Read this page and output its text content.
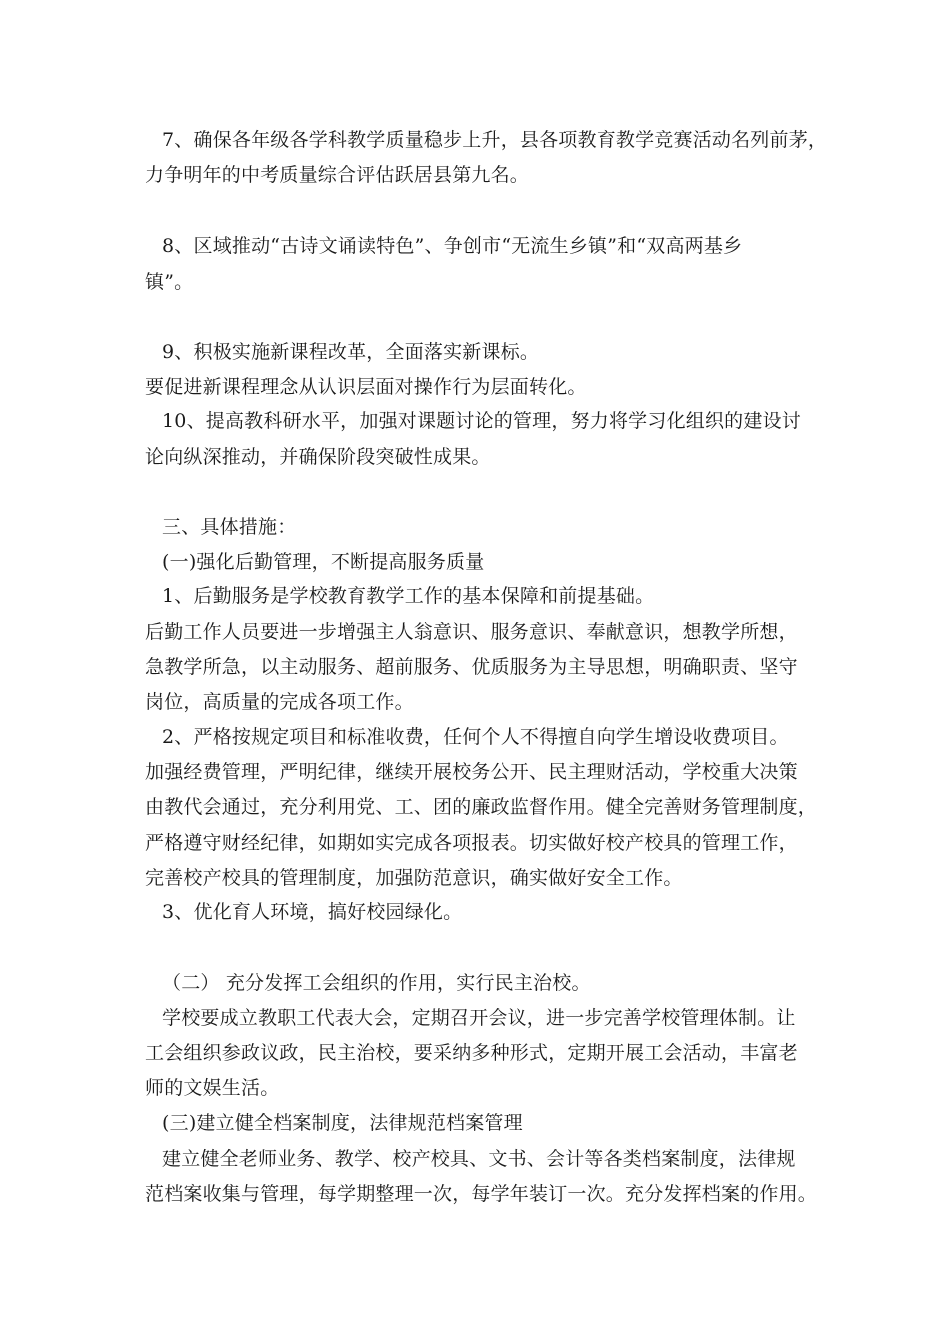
7、确保各年级各学科教学质量稳步上升，县各项教育教学竞赛活动名列前茅，
力争明年的中考质量综合评估跃居县第九名。
8、区域推动“古诗文诵读特色”、争创市“无流生乡镇”和“双高两基乡
镇”。
9、积极实施新课程改革，全面落实新课标。
要促进新课程理念从认识层面对操作行为层面转化。
10、提高教科研水平，加强对课题讨论的管理，努力将学习化组织的建设讨
论向纵深推动，并确保阶段突破性成果。
三、具体措施：
(一)强化后勤管理，不断提高服务质量
1、后勤服务是学校教育教学工作的基本保障和前提基础。
后勤工作人员要进一步增强主人翁意识、服务意识、奉献意识，想教学所想，
急教学所急，以主动服务、超前服务、优质服务为主导思想，明确职责、坚守
岗位，高质量的完成各项工作。
2、严格按规定项目和标准收费，任何个人不得擅自向学生增设收费项目。
加强经费管理，严明纪律，继续开展校务公开、民主理财活动，学校重大决策
由教代会通过，充分利用党、工、团的廉政监督作用。健全完善财务管理制度，
严格遵守财经纪律，如期如实完成各项报表。切实做好校产校具的管理工作，
完善校产校具的管理制度，加强防范意识，确实做好安全工作。
3、优化育人环境，搞好校园绿化。
（二） 充分发挥工会组织的作用，实行民主治校。
学校要成立教职工代表大会，定期召开会议，进一步完善学校管理体制。让
工会组织参政议政，民主治校，要采纳多种形式，定期开展工会活动，丰富老
师的文娱生活。
(三)建立健全档案制度，法律规范档案管理
建立健全老师业务、教学、校产校具、文书、会计等各类档案制度，法律规
范档案收集与管理，每学期整理一次，每学年装订一次。充分发挥档案的作用。
